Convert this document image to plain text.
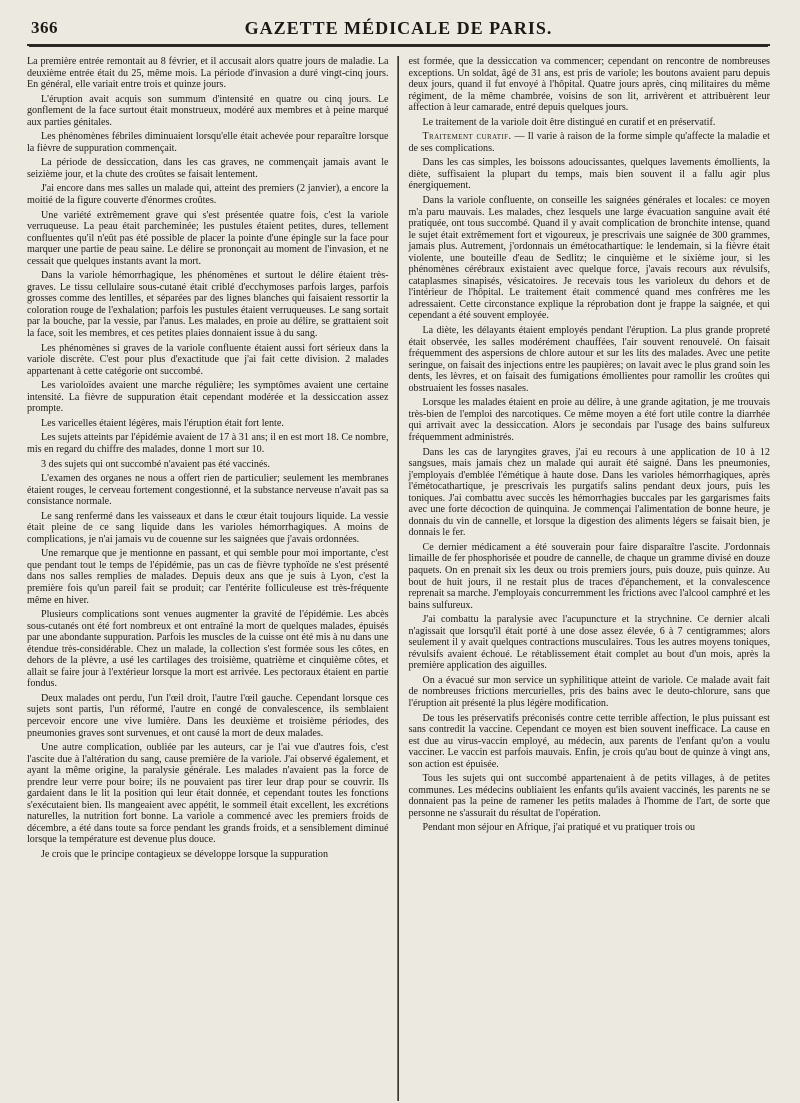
366	GAZETTE MÉDICALE DE PARIS.

La première entrée remontait au 8 février, et il accusait alors quatre jours de maladie. La deuxième entrée était du 25, même mois. La période d'invasion a duré vingt-cinq jours. En général, elle variait entre trois et quinze jours.

L'éruption avait acquis son summum d'intensité en quatre ou cinq jours. Le gonflement de la face surtout était monstrueux, modéré aux membres et à peine marqué aux parties génitales.

Les phénomènes fébriles diminuaient lorsqu'elle était achevée pour reparaître lorsque la fièvre de suppuration commençait.

La période de dessiccation, dans les cas graves, ne commençait jamais avant le seizième jour, et la chute des croûtes se faisait lentement.

J'ai encore dans mes salles un malade qui, atteint des premiers (2 janvier), a encore la moitié de la figure couverte d'énormes croûtes.

Une variété extrêmement grave qui s'est présentée quatre fois, c'est la variole verruqueuse. La peau était parcheminée; les pustules étaient petites, dures, tellement confluentes qu'il n'eût pas été possible de placer la pointe d'une épingle sur la face pour marquer une partie de peau saine. Le délire se prononçait au moment de l'invasion, et ne cessait que quelques instants avant la mort.

Dans la variole hémorrhagique, les phénomènes et surtout le délire étaient très-graves. Le tissu cellulaire sous-cutané était criblé d'ecchymoses parfois larges, parfois grosses comme des lentilles, et séparées par des lignes blanches qui faisaient ressortir la coloration rouge de l'exhalation; parfois les pustules étaient verruqueuses. Le sang sortait par la bouche, par la vessie, par l'anus. Les malades, en proie au délire, se grattaient soit la face, soit les membres, et ces petites plaies donnaient issue à du sang.

Les phénomènes si graves de la variole confluente étaient aussi fort sérieux dans la variole discrète. C'est pour plus d'exactitude que j'ai fait cette division. 2 malades appartenant à cette catégorie ont succombé.

Les varioloïdes avaient une marche régulière; les symptômes avaient une certaine intensité. La fièvre de suppuration était cependant modérée et la dessiccation assez prompte.

Les varicelles étaient légères, mais l'éruption était fort lente.

Les sujets atteints par l'épidémie avaient de 17 à 31 ans; il en est mort 18. Ce nombre, mis en regard du chiffre des malades, donne 1 mort sur 10.

3 des sujets qui ont succombé n'avaient pas été vaccinés.

L'examen des organes ne nous a offert rien de particulier; seulement les membranes étaient rouges, le cerveau fortement congestionné, et la substance nerveuse n'avait pas sa consistance normale.

Le sang renfermé dans les vaisseaux et dans le cœur était toujours liquide. La vessie était pleine de ce sang liquide dans les varioles hémorrhagiques. A moins de complications, je n'ai jamais vu de couenne sur les saignées que j'avais ordonnées.

Une remarque que je mentionne en passant, et qui semble pour moi importante, c'est que pendant tout le temps de l'épidémie, pas un cas de fièvre typhoïde ne s'est présenté dans nos salles remplies de malades. Depuis deux ans que je suis à Lyon, c'est la première fois qu'un pareil fait se produit; car l'entérite folliculeuse est très-fréquente même en hiver.

Plusieurs complications sont venues augmenter la gravité de l'épidémie. Les abcès sous-cutanés ont été fort nombreux et ont entraîné la mort de quelques malades, épuisés par une abondante suppuration. Parfois les muscles de la cuisse ont été mis à nu dans une étendue très-considérable. Chez un malade, la collection s'est formée sous les côtes, en dehors de la plèvre, a usé les cartilages des troisième, quatrième et cinquième côtes, et allait se faire jour à l'extérieur lorsque la mort est arrivée. Les pectoraux étaient en partie fondus.

Deux malades ont perdu, l'un l'œil droit, l'autre l'œil gauche. Cependant lorsque ces sujets sont partis, l'un réformé, l'autre en congé de convalescence, ils semblaient percevoir encore une vive lumière. Dans les deuxième et troisième périodes, des pneumonies graves sont survenues, et ont causé la mort de deux malades.

Une autre complication, oubliée par les auteurs, car je l'ai vue d'autres fois, c'est l'ascite due à l'altération du sang, cause première de la variole. J'ai observé également, et ayant la même origine, la paralysie générale. Les malades n'avaient pas la force de prendre leur verre pour boire; ils ne pouvaient pas tirer leur drap pour se couvrir. Ils gardaient dans le lit la position qui leur était donnée, et cependant toutes les fonctions s'exécutaient bien. Ils mangeaient avec appétit, le sommeil était excellent, les excrétions naturelles, la nutrition fort bonne. La variole a commencé avec les premiers froids de décembre, a été dans toute sa force pendant les grands froids, et a sensiblement diminué lorsque la température est devenue plus douce.

Je crois que le principe contagieux se développe lorsque la suppuration

est formée, que la dessiccation va commencer; cependant on rencontre de nombreuses exceptions. Un soldat, âgé de 31 ans, est pris de variole; les boutons avaient paru depuis deux jours, quand il fut envoyé à l'hôpital. Quatre jours après, cinq militaires du même régiment, de la même chambrée, voisins de son lit, arrivèrent et attribuèrent leur affection à leur camarade, entré depuis quelques jours.

Le traitement de la variole doit être distingué en curatif et en préservatif.

Traitement curatif. — Il varie à raison de la forme simple qu'affecte la maladie et de ses complications.

Dans les cas simples, les boissons adoucissantes, quelques lavements émollients, la diète, suffisaient la plupart du temps, mais bien souvent il a fallu agir plus énergiquement.

Dans la variole confluente, on conseille les saignées générales et locales: ce moyen m'a paru mauvais. Les malades, chez lesquels une large évacuation sanguine avait été pratiquée, ont tous succombé. Quand il y avait complication de bronchite intense, quand le sujet était extrêmement fort et vigoureux, je prescrivais une saignée de 300 grammes, jamais plus. Autrement, j'ordonnais un émétocathartique: le lendemain, si la fièvre était violente, une bouteille d'eau de Sedlitz; le cinquième et le sixième jour, si les phénomènes cérébraux existaient avec quelque force, j'avais recours aux révulsifs, cataplasmes sinapisés, vésicatoires. Je recevais tous les varioleux du dehors et de l'intérieur de l'hôpital. Le traitement était commencé quand mes confrères me les adressaient. Cette circonstance explique la réprobation dont je frappe la saignée, et qui cependant a été souvent employée.

La diète, les délayants étaient employés pendant l'éruption. La plus grande propreté était observée, les salles modérément chauffées, l'air souvent renouvelé. On faisait fréquemment des aspersions de chlore autour et sur les lits des malades. Avec une petite seringue, on faisait des injections entre les paupières; on lavait avec le plus grand soin les dents, les lèvres, et on faisait des fumigations émollientes pour ramollir les croûtes qui obstruaient les fosses nasales.

Lorsque les malades étaient en proie au délire, à une grande agitation, je me trouvais très-bien de l'emploi des narcotiques. Ce même moyen a été fort utile contre la diarrhée qui arrivait avec la dessiccation. Alors je secondais par l'usage des bains sulfureux fréquemment administrés.

Dans les cas de laryngites graves, j'ai eu recours à une application de 10 à 12 sangsues, mais jamais chez un malade qui aurait été saigné. Dans les pneumonies, j'employais d'emblée l'émétique à haute dose. Dans les varioles hémorrhagiques, après l'émétocathartique, je prescrivais les purgatifs salins pendant deux jours, puis les toniques. J'ai combattu avec succès les hémorrhagies buccales par les gargarismes faits avec une forte décoction de quinquina. Je commençai l'alimentation de bonne heure, je donnais du vin de cannelle, et lorsque la digestion des aliments légers se faisait bien, je donnais le fer.

Ce dernier médicament a été souverain pour faire disparaître l'ascite. J'ordonnais limaille de fer phosphorisée et poudre de cannelle, de chaque un gramme divisé en douze paquets. On en prenait six les deux ou trois premiers jours, puis douze, puis quinze. Au bout de huit jours, il ne restait plus de traces d'épanchement, et la convalescence reprenait sa marche. J'employais concurremment les frictions avec l'alcool camphré et les bains sulfureux.

J'ai combattu la paralysie avec l'acupuncture et la strychnine. Ce dernier alcali n'agissait que lorsqu'il était porté à une dose assez élevée, 6 à 7 centigrammes; alors seulement il y avait quelques contractions musculaires. Tous les autres moyens toniques, révulsifs avaient échoué. Le rétablissement était complet au bout d'un mois, après la première application des aiguilles.

On a évacué sur mon service un syphilitique atteint de variole. Ce malade avait fait de nombreuses frictions mercurielles, pris des bains avec le deuto-chlorure, sans que l'éruption ait présenté la plus légère modification.

De tous les préservatifs préconisés contre cette terrible affection, le plus puissant est sans contredit la vaccine. Cependant ce moyen est bien souvent inefficace. La cause en est due au virus-vaccin employé, au médecin, aux parents de l'enfant qu'on a voulu vacciner. Le vaccin est parfois mauvais. Enfin, je crois qu'au bout de quinze à vingt ans, son action est épuisée.

Tous les sujets qui ont succombé appartenaient à de petits villages, à de petites communes. Les médecins oubliaient les enfants qu'ils avaient vaccinés, les parents ne se donnaient pas la peine de ramener les petits malades à l'homme de l'art, de sorte que personne ne s'assurait du résultat de l'opération.

Pendant mon séjour en Afrique, j'ai pratiqué et vu pratiquer trois ou
